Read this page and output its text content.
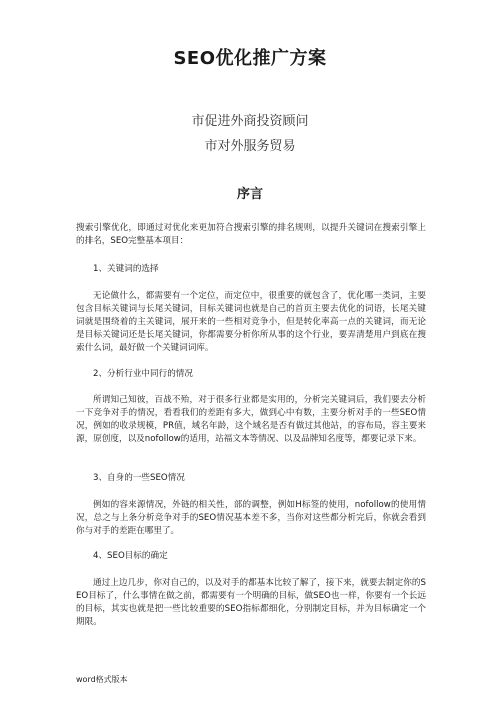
SEO优化推广方案
市促进外商投资顾问
市对外服务贸易
序言
搜索引擎优化，即通过对优化来更加符合搜索引擎的排名规则，以提升关键词在搜索引擎上的排名，SEO完整基本项目：
1、关键词的选择
无论做什么，都需要有一个定位，而定位中，很重要的就包含了，优化哪一类词，主要包含目标关键词与长尾关键词，目标关键词也就是自己的首页主要去优化的词语，长尾关键词就是围绕着的主关键词，展开来的一些相对竞争小，但是转化率高一点的关键词，而无论是目标关键词还是长尾关键词，你都需要分析你所从事的这个行业，要弄清楚用户到底在搜索什么词，最好做一个关键词词库。
2、分析行业中同行的情况
所谓知己知彼，百战不殆，对于很多行业都是实用的，分析完关键词后，我们要去分析一下竞争对手的情况，看看我们的差距有多大，做到心中有数，主要分析对手的一些SEO情况，例如的收录规模，PR值，域名年龄，这个域名是否有做过其他站，的容布局，容主要来源，原创度，以及nofollow的适用，站福文本等情况、以及品牌知名度等，都要记录下来。
3、自身的一些SEO情况
例如的容来源情况，外链的相关性，部的调整，例如H标签的使用，nofollow的使用情况，总之与上条分析竞争对手的SEO情况基本差不多，当你对这些都分析完后，你就会看到你与对手的差距在哪里了。
4、SEO目标的确定
通过上边几步，你对自己的，以及对手的都基本比较了解了，接下来，就要去制定你的SEO目标了，什么事情在做之前，都需要有一个明确的目标，做SEO也一样，你要有一个长远的目标，其实也就是把一些比较重要的SEO指标都细化，分别制定目标，并为目标确定一个期限。
word格式版本
